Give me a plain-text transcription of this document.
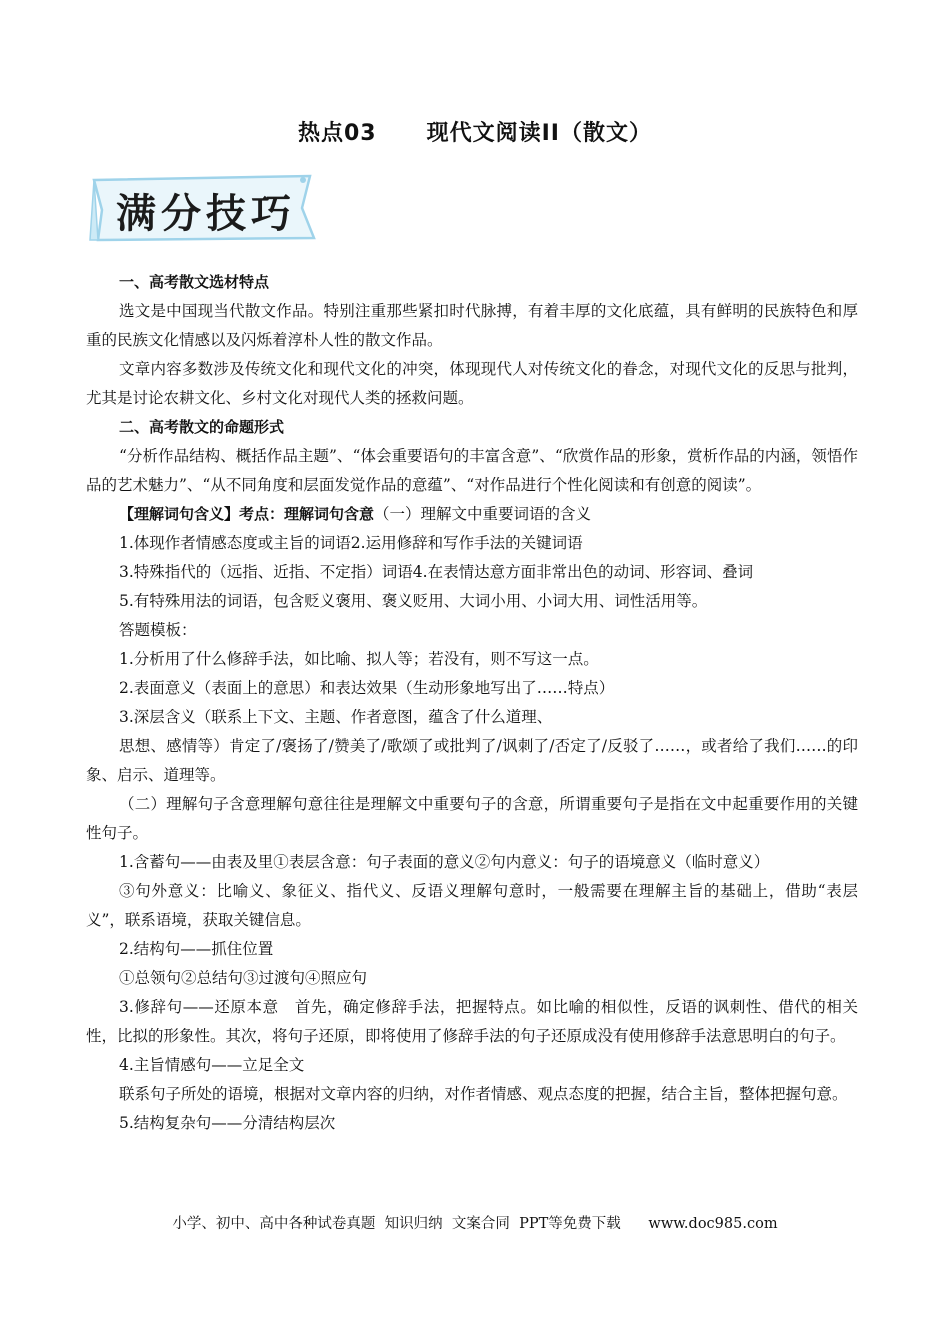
热点03 现代文阅读II（散文）
满分技巧

一、高考散文选材特点

选文是中国现当代散文作品。特别注重那些紧扣时代脉搏，有着丰厚的文化底蕴，具有鲜明的民族特色和厚重的民族文化情感以及闪烁着淳朴人性的散文作品。

文章内容多数涉及传统文化和现代文化的冲突，体现现代人对传统文化的眷念，对现代文化的反思与批判，尤其是讨论农耕文化、乡村文化对现代人类的拯救问题。

二、高考散文的命题形式

“分析作品结构、概括作品主题”、“体会重要语句的丰富含意”、“欣赏作品的形象，赏析作品的内涵，领悟作品的艺术魅力”、“从不同角度和层面发觉作品的意蕴”、“对作品进行个性化阅读和有创意的阅读”。

【理解词句含义】考点：理解词句含意（一）理解文中重要词语的含义

1.体现作者情感态度或主旨的词语2.运用修辞和写作手法的关键词语

3.特殊指代的（远指、近指、不定指）词语4.在表情达意方面非常出色的动词、形容词、叠词

5.有特殊用法的词语，包含贬义褒用、褒义贬用、大词小用、小词大用、词性活用等。

答题模板：

1.分析用了什么修辞手法，如比喻、拟人等；若没有，则不写这一点。

2.表面意义（表面上的意思）和表达效果（生动形象地写出了……特点）

3.深层含义（联系上下文、主题、作者意图，蕴含了什么道理、

思想、感情等）肯定了/褒扬了/赞美了/歌颂了或批判了/讽刺了/否定了/反驳了……，或者给了我们……的印象、启示、道理等。

（二）理解句子含意理解句意往往是理解文中重要句子的含意，所谓重要句子是指在文中起重要作用的关键性句子。

1.含蓄句——由表及里①表层含意：句子表面的意义②句内意义：句子的语境意义（临时意义）

③句外意义：比喻义、象征义、指代义、反语义理解句意时，一般需要在理解主旨的基础上，借助“表层义”，联系语境，获取关键信息。

2.结构句——抓住位置

①总领句②总结句③过渡句④照应句

3.修辞句——还原本意　首先，确定修辞手法，把握特点。如比喻的相似性，反语的讽刺性、借代的相关性，比拟的形象性。其次，将句子还原，即将使用了修辞手法的句子还原成没有使用修辞手法意思明白的句子。

4.主旨情感句——立足全文

联系句子所处的语境，根据对文章内容的归纳，对作者情感、观点态度的把握，结合主旨，整体把握句意。

5.结构复杂句——分清结构层次

小学、初中、高中各种试卷真题  知识归纳  文案合同  PPT等免费下载 www.doc985.com
